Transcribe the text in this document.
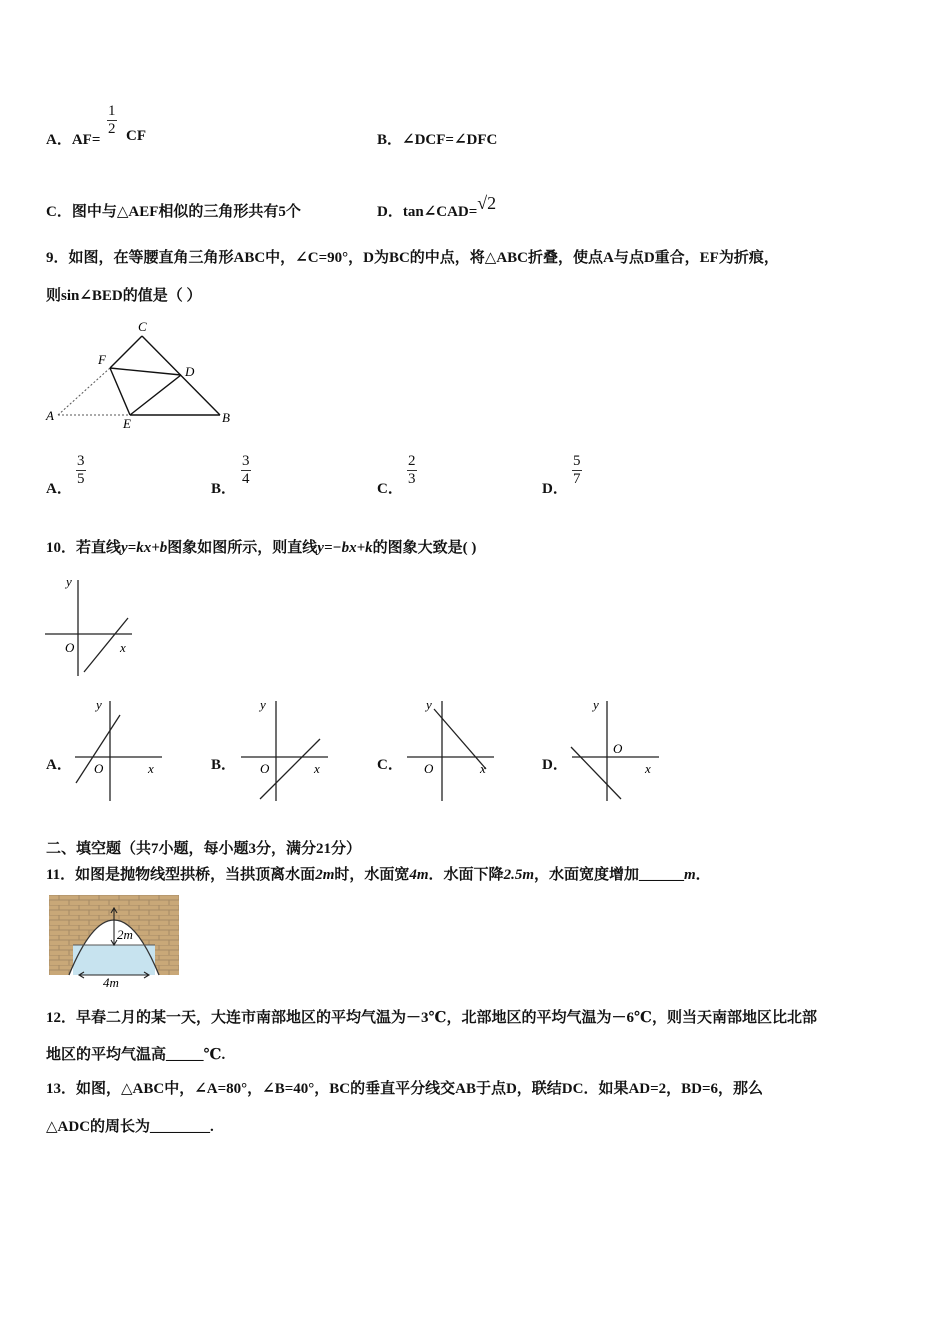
A．AF=
$\frac{1}{2}$ CF	B．∠DCF=∠DFC
C．图中与△AEF相似的三角形共有5个	D．tan∠CAD=√2
9．如图，在等腰直角三角形ABC中，∠C=90°，D为BC的中点，将△ABC折叠，使点A与点D重合，EF为折痕，
则sin∠BED的值是（ ）
C
F
D
A
E	B
A．
$\frac{3}{5}$
B．
$\frac{3}{4}$
C．
$\frac{2}{3}$
D．
$\frac{5}{7}$
10．若直线y=kx+b图象如图所示，则直线y=−bx+k的图象大致是( )
y
x
O
A．
y
x
O	B．
y
x
O	C．
y
x
O	D．
y
x
O
二、填空题（共7小题，每小题3分，满分21分）
11．如图是抛物线型拱桥，当拱顶离水面2m时，水面宽4m．水面下降2.5m，水面宽度增加______m．
2m
4m
12．早春二月的某一天，大连市南部地区的平均气温为－3℃，北部地区的平均气温为－6℃，则当天南部地区比北部
地区的平均气温高_____℃.
13．如图，△ABC中，∠A=80°，∠B=40°，BC的垂直平分线交AB于点D，联结DC．如果AD=2，BD=6，那么
△ADC的周长为________.
